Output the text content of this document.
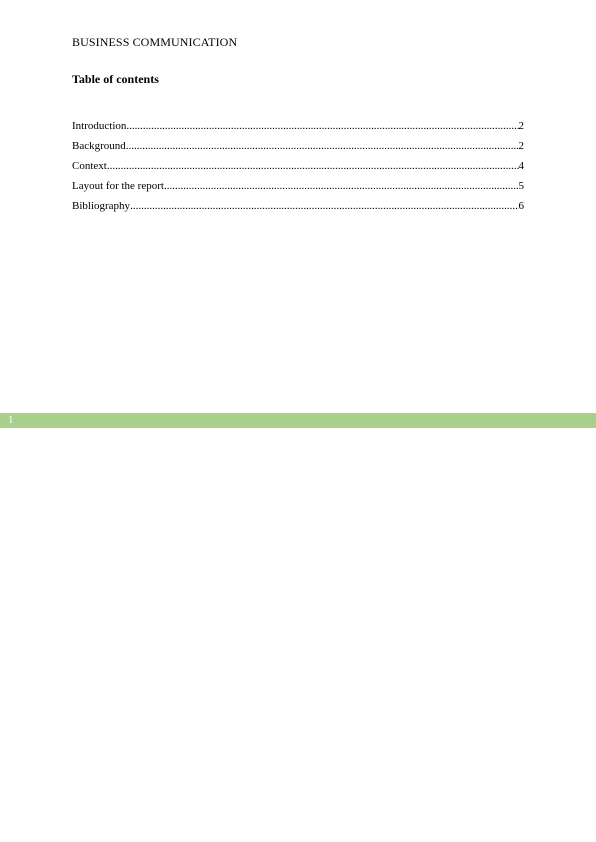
BUSINESS COMMUNICATION
Table of contents
Introduction .....	2
Background .....	2
Context .....	4
Layout for the report .....	5
Bibliography .....	6
1
